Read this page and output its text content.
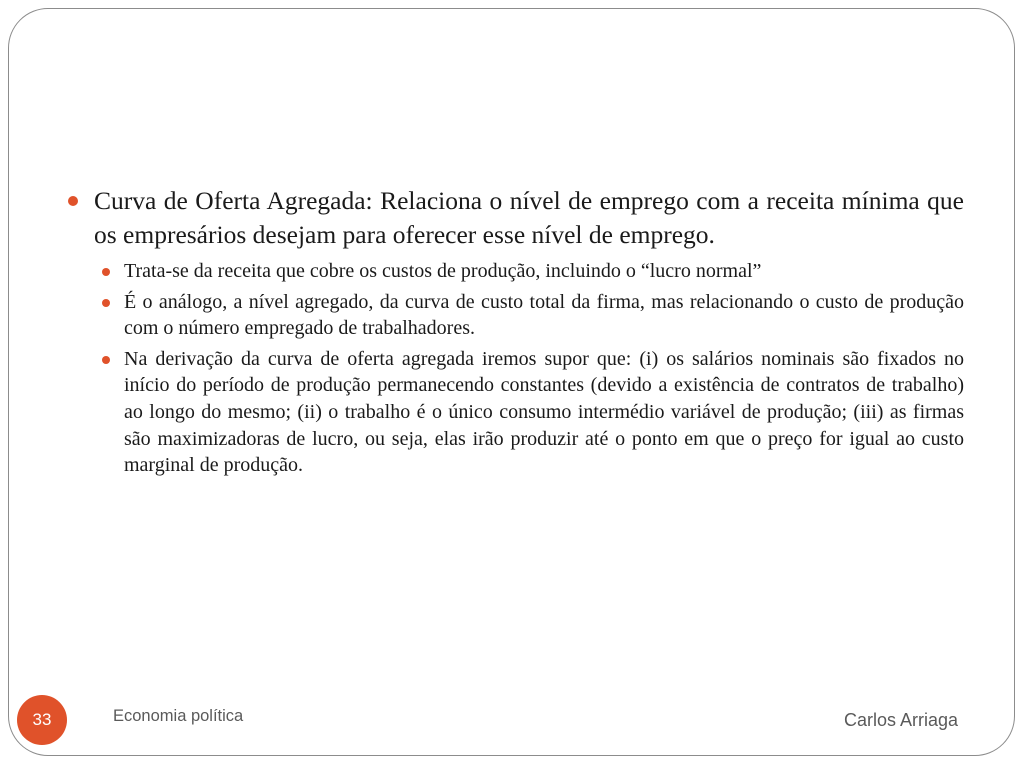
Curva de Oferta Agregada: Relaciona o nível de emprego com a receita mínima que os empresários desejam para oferecer esse nível de emprego.

Trata-se da receita que cobre os custos de produção, incluindo o “lucro normal”
É o análogo, a nível agregado, da curva de custo total da firma, mas relacionando o custo de produção com o número empregado de trabalhadores.
Na derivação da curva de oferta agregada iremos supor que: (i) os salários nominais são fixados no início do período de produção permanecendo constantes (devido a existência de contratos de trabalho) ao longo do mesmo; (ii) o trabalho é o único consumo intermédio variável de produção; (iii) as firmas são maximizadoras de lucro, ou seja, elas irão produzir até o ponto em que o preço for igual ao custo marginal de produção.
33	Economia política	Carlos Arriaga
